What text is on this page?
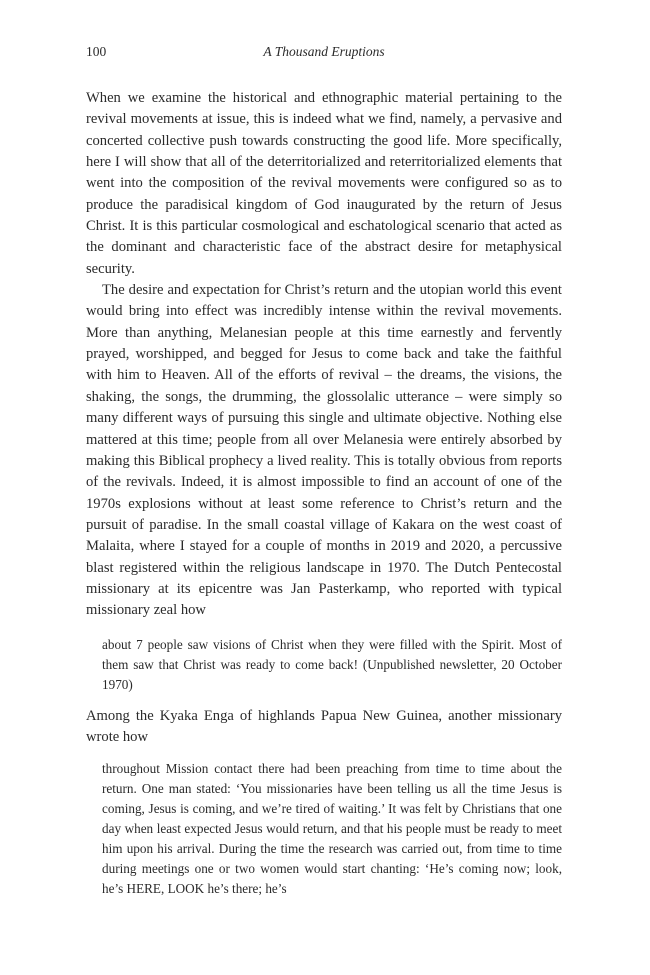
100	A Thousand Eruptions

When we examine the historical and ethnographic material pertaining to the revival movements at issue, this is indeed what we find, namely, a pervasive and concerted collective push towards constructing the good life. More specifically, here I will show that all of the deterritorialized and reterritorialized elements that went into the composition of the revival movements were configured so as to produce the paradisical kingdom of God inaugurated by the return of Jesus Christ. It is this particular cosmological and eschatological scenario that acted as the dominant and characteristic face of the abstract desire for metaphysical security.

The desire and expectation for Christ’s return and the utopian world this event would bring into effect was incredibly intense within the revival movements. More than anything, Melanesian people at this time earnestly and fervently prayed, worshipped, and begged for Jesus to come back and take the faithful with him to Heaven. All of the efforts of revival – the dreams, the visions, the shaking, the songs, the drumming, the glossolalic utterance – were simply so many different ways of pursuing this single and ultimate objective. Nothing else mattered at this time; people from all over Melanesia were entirely absorbed by making this Biblical prophecy a lived reality. This is totally obvious from reports of the revivals. Indeed, it is almost impossible to find an account of one of the 1970s explosions without at least some reference to Christ’s return and the pursuit of paradise. In the small coastal village of Kakara on the west coast of Malaita, where I stayed for a couple of months in 2019 and 2020, a percussive blast registered within the religious landscape in 1970. The Dutch Pentecostal missionary at its epicentre was Jan Pasterkamp, who reported with typical missionary zeal how

about 7 people saw visions of Christ when they were filled with the Spirit. Most of them saw that Christ was ready to come back! (Unpublished newsletter, 20 October 1970)

Among the Kyaka Enga of highlands Papua New Guinea, another missionary wrote how

throughout Mission contact there had been preaching from time to time about the return. One man stated: ‘You missionaries have been telling us all the time Jesus is coming, Jesus is coming, and we’re tired of waiting.’ It was felt by Christians that one day when least expected Jesus would return, and that his people must be ready to meet him upon his arrival. During the time the research was carried out, from time to time during meetings one or two women would start chanting: ‘He’s coming now; look, he’s HERE, LOOK he’s there; he’s
